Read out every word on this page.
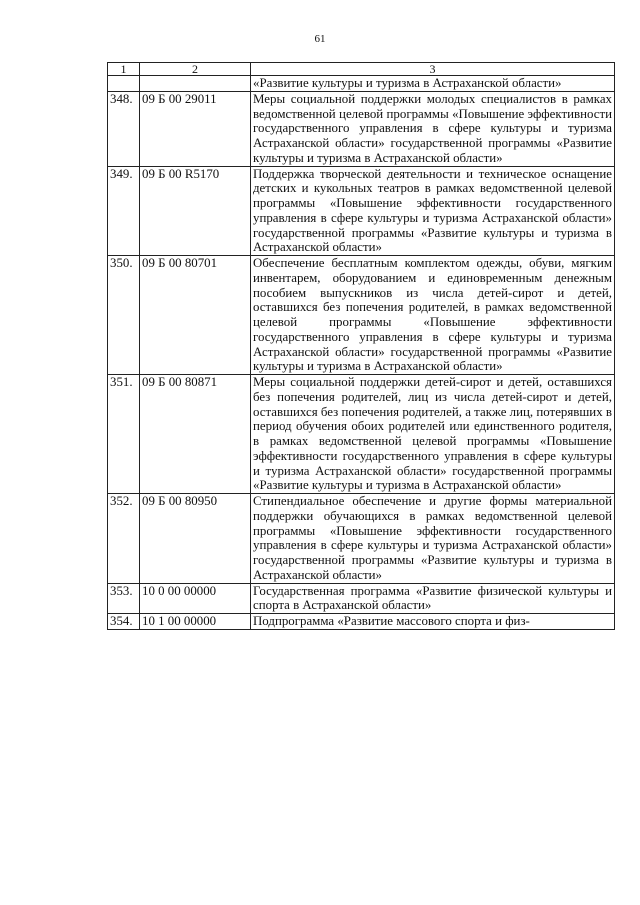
61
1	2	3
		«Развитие культуры и туризма в Астраханской области»
348.	09 Б 00 29011	Меры социальной поддержки молодых специалистов в рамках ведомственной целевой программы «Повышение эффективности государственного управления в сфере культуры и туризма Астраханской области» государственной программы «Развитие культуры и туризма в Астраханской области»
349.	09 Б 00 R5170	Поддержка творческой деятельности и техническое оснащение детских и кукольных театров в рамках ведомственной целевой программы «Повышение эффективности государственного управления в сфере культуры и туризма Астраханской области» государственной программы «Развитие культуры и туризма в Астраханской области»
350.	09 Б 00 80701	Обеспечение бесплатным комплектом одежды, обуви, мягким инвентарем, оборудованием и единовременным денежным пособием выпускников из числа детей-сирот и детей, оставшихся без попечения родителей, в рамках ведомственной целевой программы «Повышение эффективности государственного управления в сфере культуры и туризма Астраханской области» государственной программы «Развитие культуры и туризма в Астраханской области»
351.	09 Б 00 80871	Меры социальной поддержки детей-сирот и детей, оставшихся без попечения родителей, лиц из числа детей-сирот и детей, оставшихся без попечения родителей, а также лиц, потерявших в период обучения обоих родителей или единственного родителя, в рамках ведомственной целевой программы «Повышение эффективности государственного управления в сфере культуры и туризма Астраханской области» государственной программы «Развитие культуры и туризма в Астраханской области»
352.	09 Б 00 80950	Стипендиальное обеспечение и другие формы материальной поддержки обучающихся в рамках ведомственной целевой программы «Повышение эффективности государственного управления в сфере культуры и туризма Астраханской области» государственной программы «Развитие культуры и туризма в Астраханской области»
353.	10 0 00 00000	Государственная программа «Развитие физической культуры и спорта в Астраханской области»
354.	10 1 00 00000	Подпрограмма «Развитие массового спорта и физ-
